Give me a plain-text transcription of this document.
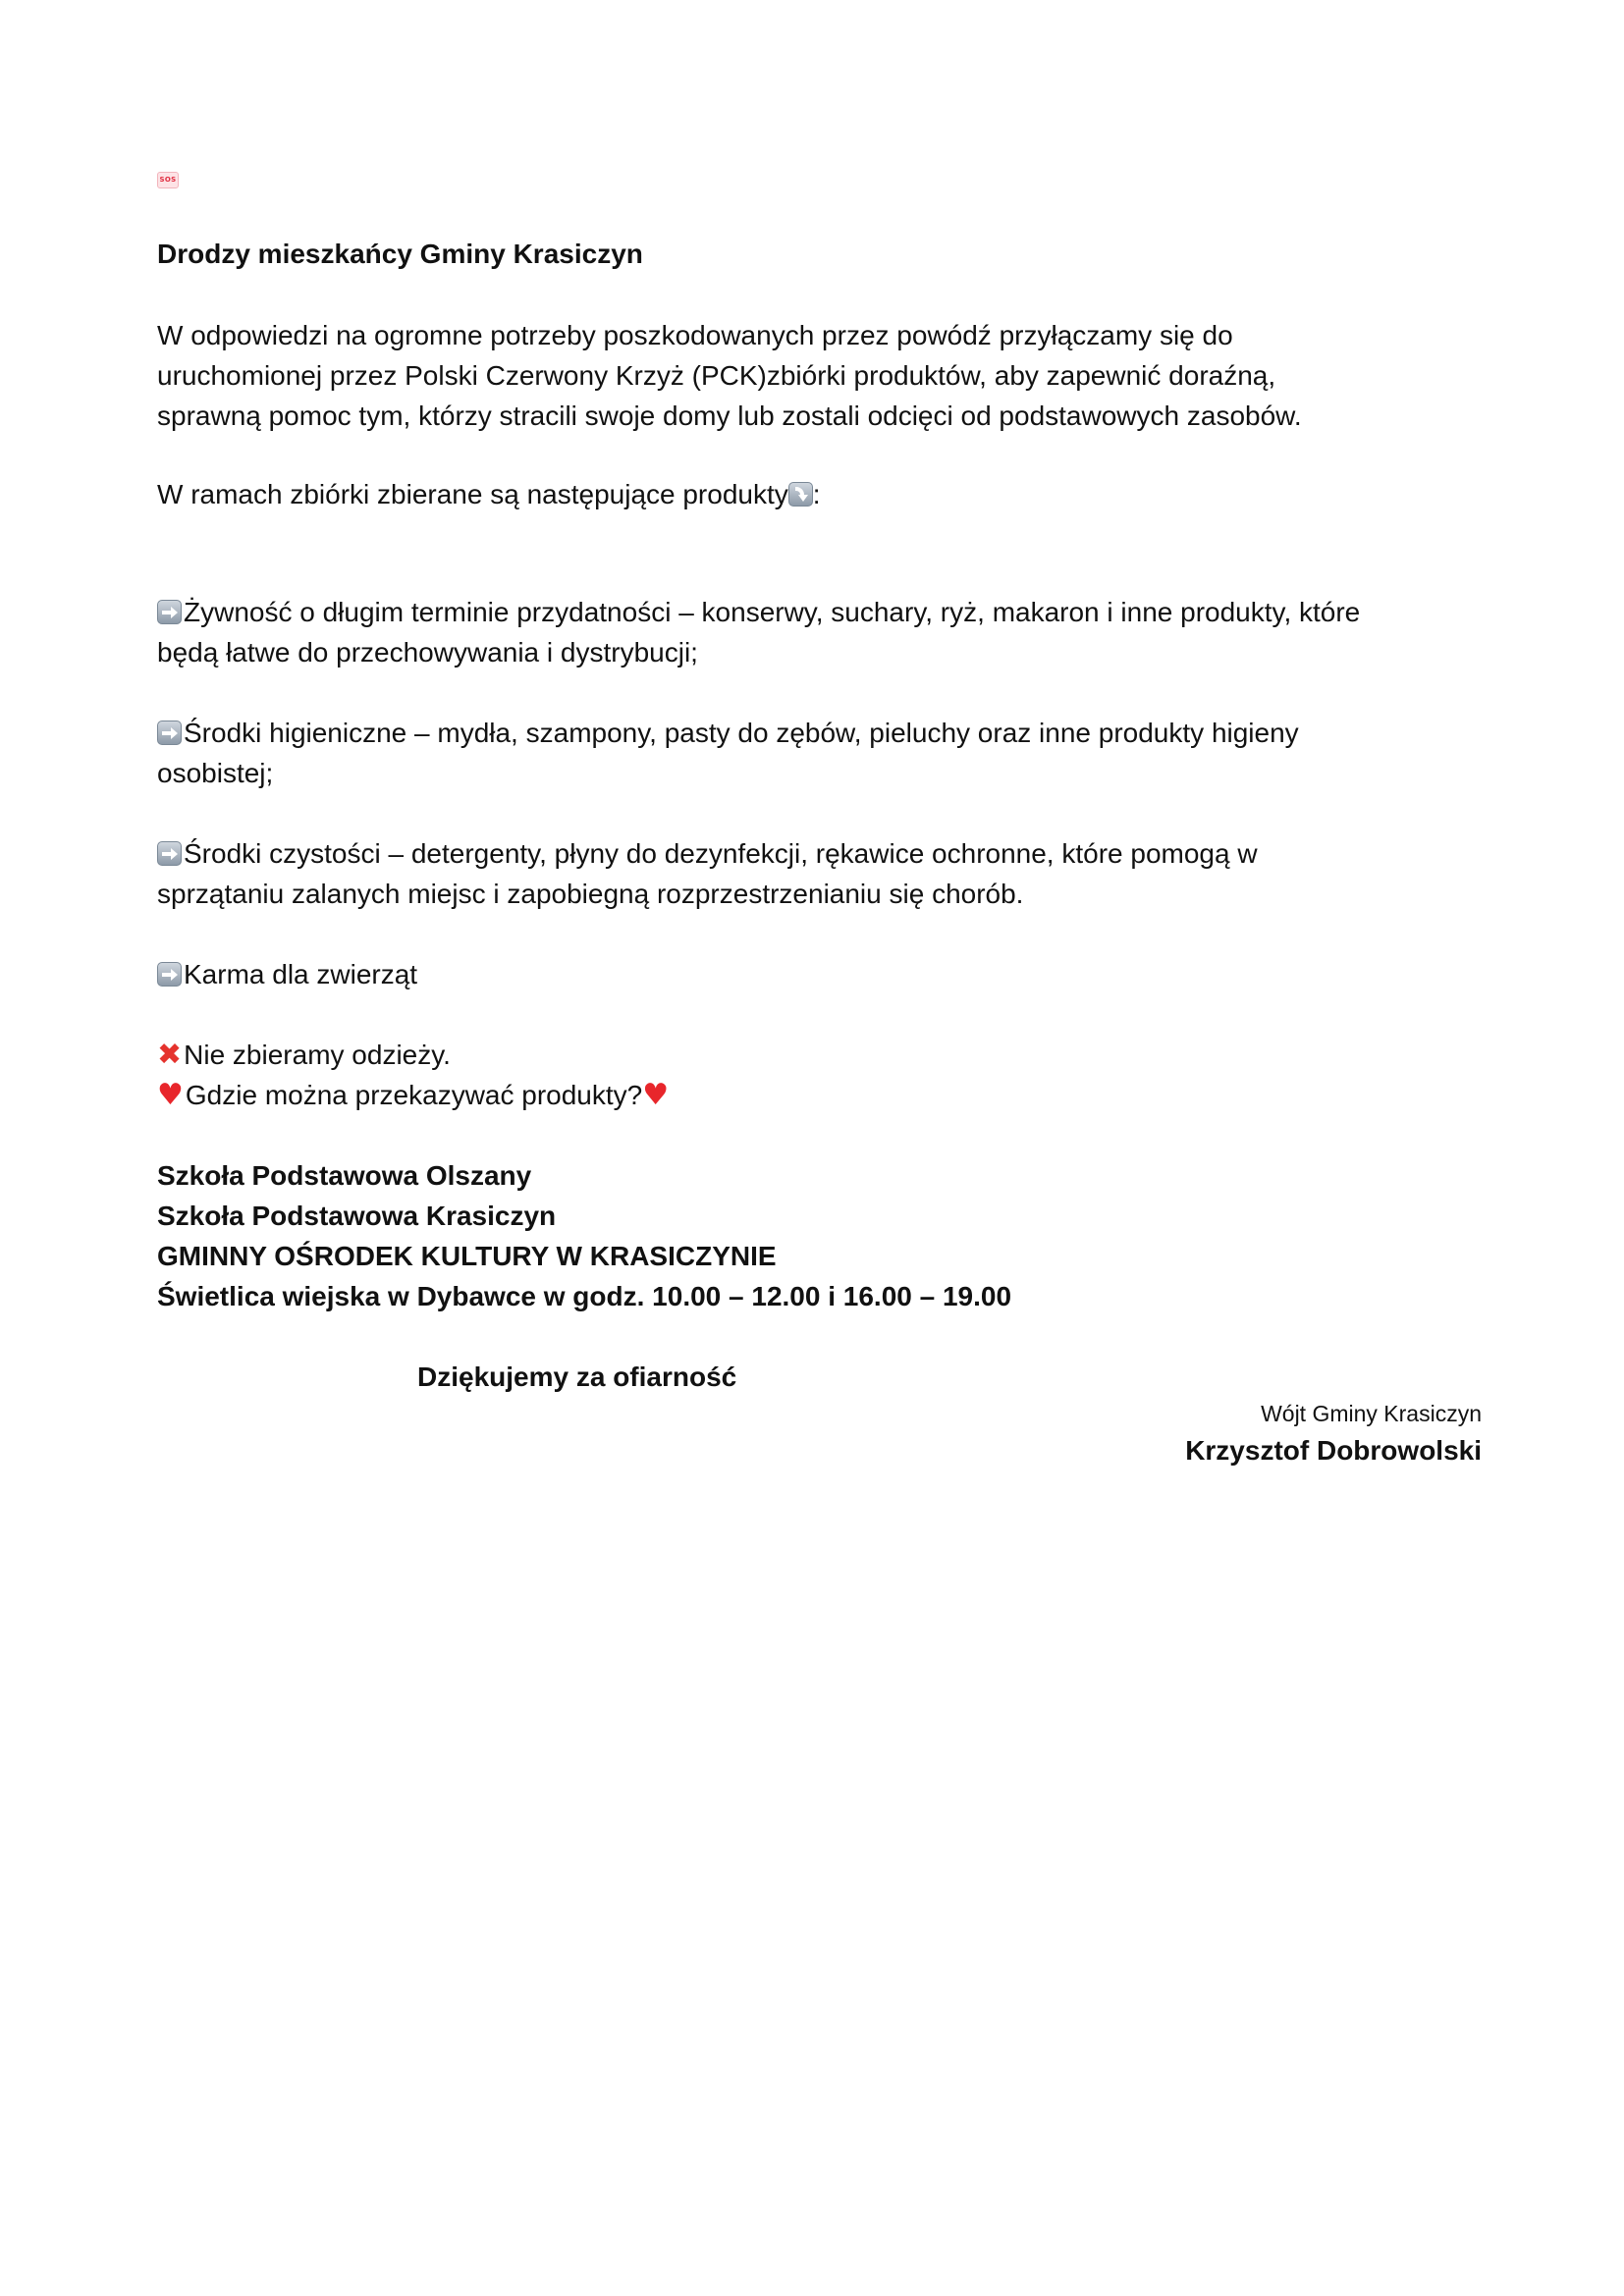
SOS
Drodzy mieszkańcy Gminy Krasiczyn
W odpowiedzi na ogromne potrzeby poszkodowanych przez powódź przyłączamy się do
uruchomionej przez Polski Czerwony Krzyż (PCK)zbiórki produktów, aby zapewnić doraźną,
sprawną pomoc tym, którzy stracili swoje domy lub zostali odcięci od podstawowych zasobów.
W ramach zbiórki zbierane są następujące produkty :
Żywność o długim terminie przydatności – konserwy, suchary, ryż, makaron i inne produkty, które
będą łatwe do przechowywania i dystrybucji;
Środki higieniczne – mydła, szampony, pasty do zębów, pieluchy oraz inne produkty higieny
osobistej;
Środki czystości – detergenty, płyny do dezynfekcji, rękawice ochronne, które pomogą w
sprzątaniu zalanych miejsc i zapobiegną rozprzestrzenianiu się chorób.
Karma dla zwierząt
✖Nie zbieramy odzieży.
♥Gdzie można przekazywać produkty?♥
Szkoła Podstawowa Olszany
Szkoła Podstawowa Krasiczyn
GMINNY OŚRODEK KULTURY W KRASICZYNIE
Świetlica wiejska w Dybawce w godz. 10.00 – 12.00 i 16.00 – 19.00
Dziękujemy za ofiarność
Wójt Gminy Krasiczyn
Krzysztof Dobrowolski
